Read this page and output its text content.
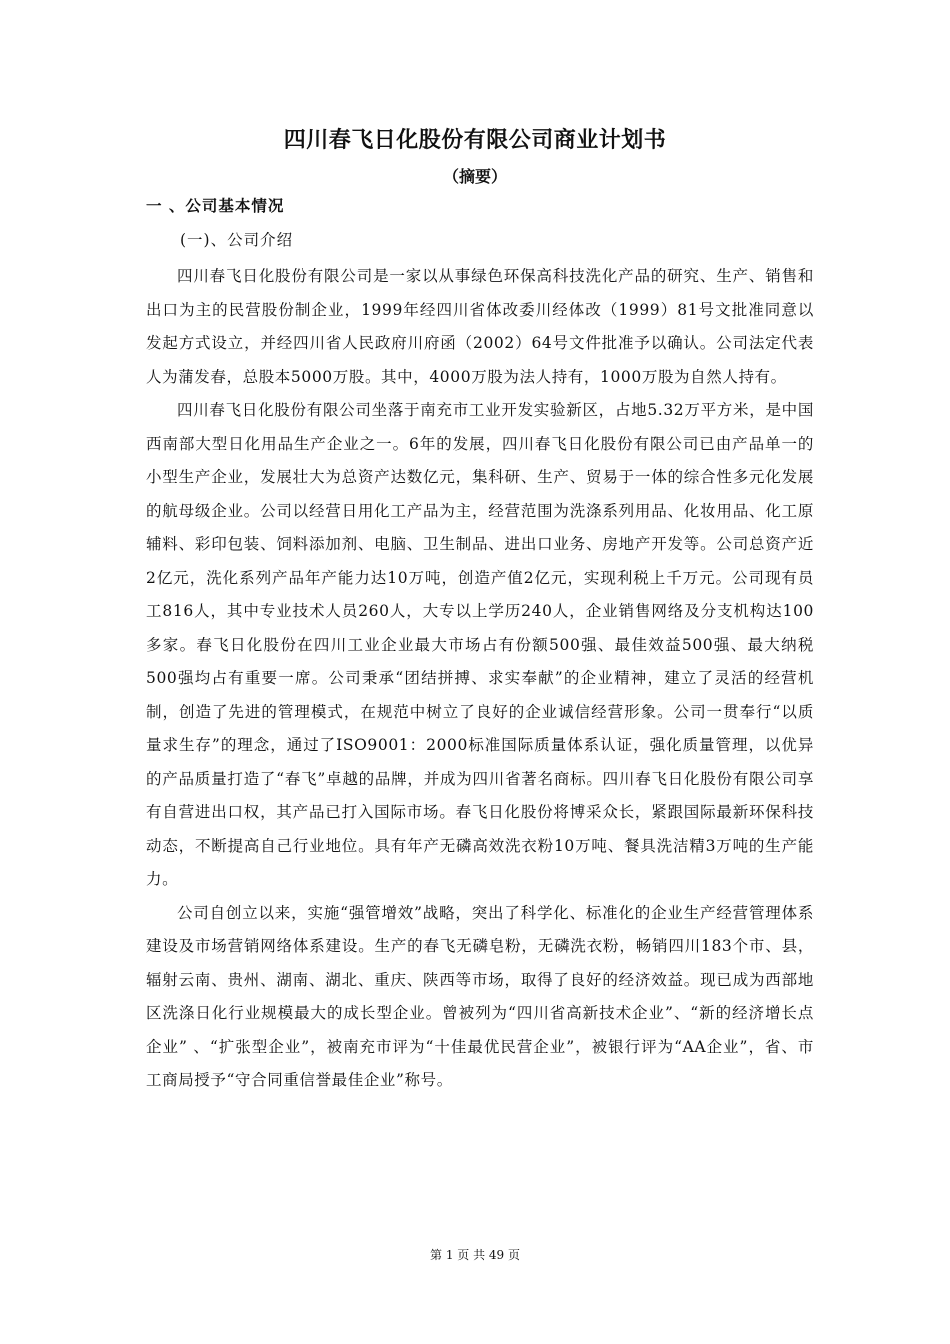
四川春飞日化股份有限公司商业计划书
（摘要）
一 、公司基本情况
(一)、公司介绍

四川春飞日化股份有限公司是一家以从事绿色环保高科技洗化产品的研究、生产、销售和出口为主的民营股份制企业，1999年经四川省体改委川经体改（1999）81号文批准同意以发起方式设立，并经四川省人民政府川府函（2002）64号文件批准予以确认。公司法定代表人为蒲发春，总股本5000万股。其中，4000万股为法人持有，1000万股为自然人持有。

四川春飞日化股份有限公司坐落于南充市工业开发实验新区，占地5.32万平方米，是中国西南部大型日化用品生产企业之一。6年的发展，四川春飞日化股份有限公司已由产品单一的小型生产企业，发展壮大为总资产达数亿元，集科研、生产、贸易于一体的综合性多元化发展的航母级企业。公司以经营日用化工产品为主，经营范围为洗涤系列用品、化妆用品、化工原辅料、彩印包装、饲料添加剂、电脑、卫生制品、进出口业务、房地产开发等。公司总资产近2亿元，洗化系列产品年产能力达10万吨，创造产值2亿元，实现利税上千万元。公司现有员工816人，其中专业技术人员260人，大专以上学历240人，企业销售网络及分支机构达100多家。春飞日化股份在四川工业企业最大市场占有份额500强、最佳效益500强、最大纳税500强均占有重要一席。公司秉承“团结拼搏、求实奉献”的企业精神，建立了灵活的经营机制，创造了先进的管理模式，在规范中树立了良好的企业诚信经营形象。公司一贯奉行“以质量求生存”的理念，通过了ISO9001：2000标准国际质量体系认证，强化质量管理，以优异的产品质量打造了“春飞”卓越的品牌，并成为四川省著名商标。四川春飞日化股份有限公司享有自营进出口权，其产品已打入国际市场。春飞日化股份将博采众长，紧跟国际最新环保科技动态，不断提高自己行业地位。具有年产无磷高效洗衣粉10万吨、餐具洗洁精3万吨的生产能力。

公司自创立以来，实施“强管增效”战略，突出了科学化、标准化的企业生产经营管理体系建设及市场营销网络体系建设。生产的春飞无磷皂粉，无磷洗衣粉，畅销四川183个市、县，辐射云南、贵州、湖南、湖北、重庆、陕西等市场，取得了良好的经济效益。现已成为西部地区洗涤日化行业规模最大的成长型企业。曾被列为“四川省高新技术企业”、“新的经济增长点企业” 、“扩张型企业”，被南充市评为“十佳最优民营企业”，被银行评为“AA企业”，省、市工商局授予“守合同重信誉最佳企业”称号。

第 1 页 共 49 页
